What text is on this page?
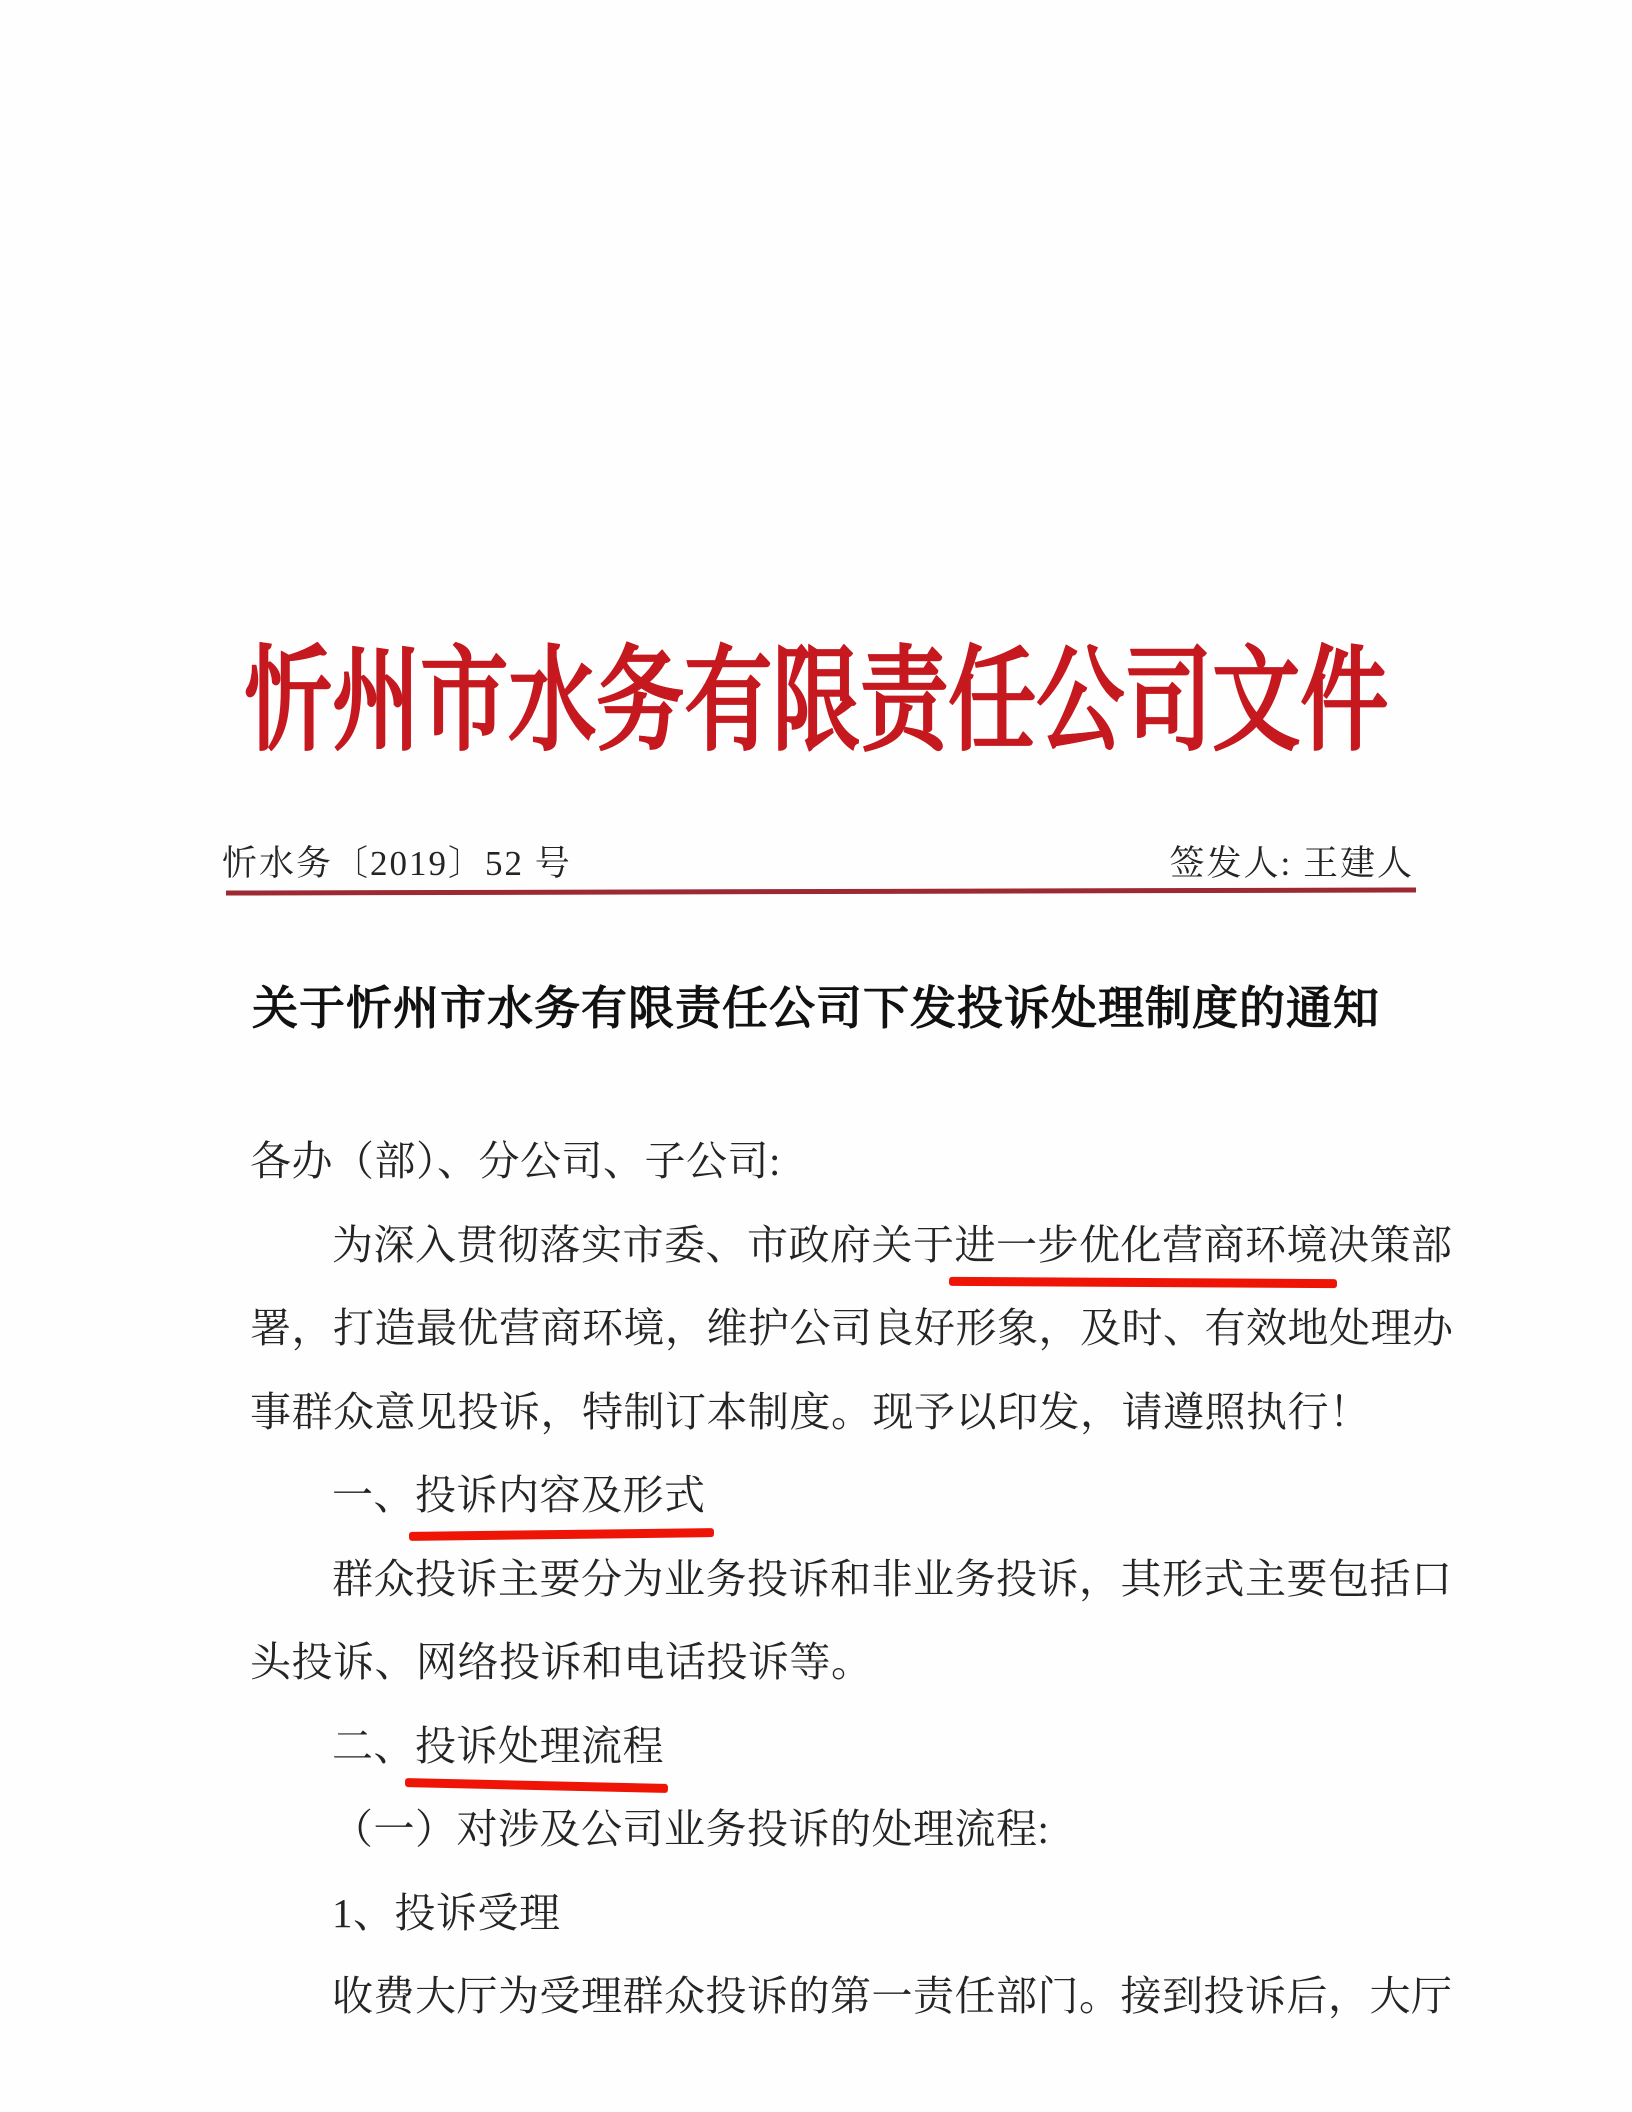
忻州市水务有限责任公司文件
忻水务〔2019〕52 号	签发人: 王建人
关于忻州市水务有限责任公司下发投诉处理制度的通知
各办（部）、分公司、子公司:
为深入贯彻落实市委、市政府关于进一步优化营商环境决策部
署，打造最优营商环境，维护公司良好形象，及时、有效地处理办
事群众意见投诉，特制订本制度。现予以印发，请遵照执行！
一、投诉内容及形式
群众投诉主要分为业务投诉和非业务投诉，其形式主要包括口
头投诉、网络投诉和电话投诉等。
二、投诉处理流程
（一）对涉及公司业务投诉的处理流程:
1、投诉受理
收费大厅为受理群众投诉的第一责任部门。接到投诉后，大厅
